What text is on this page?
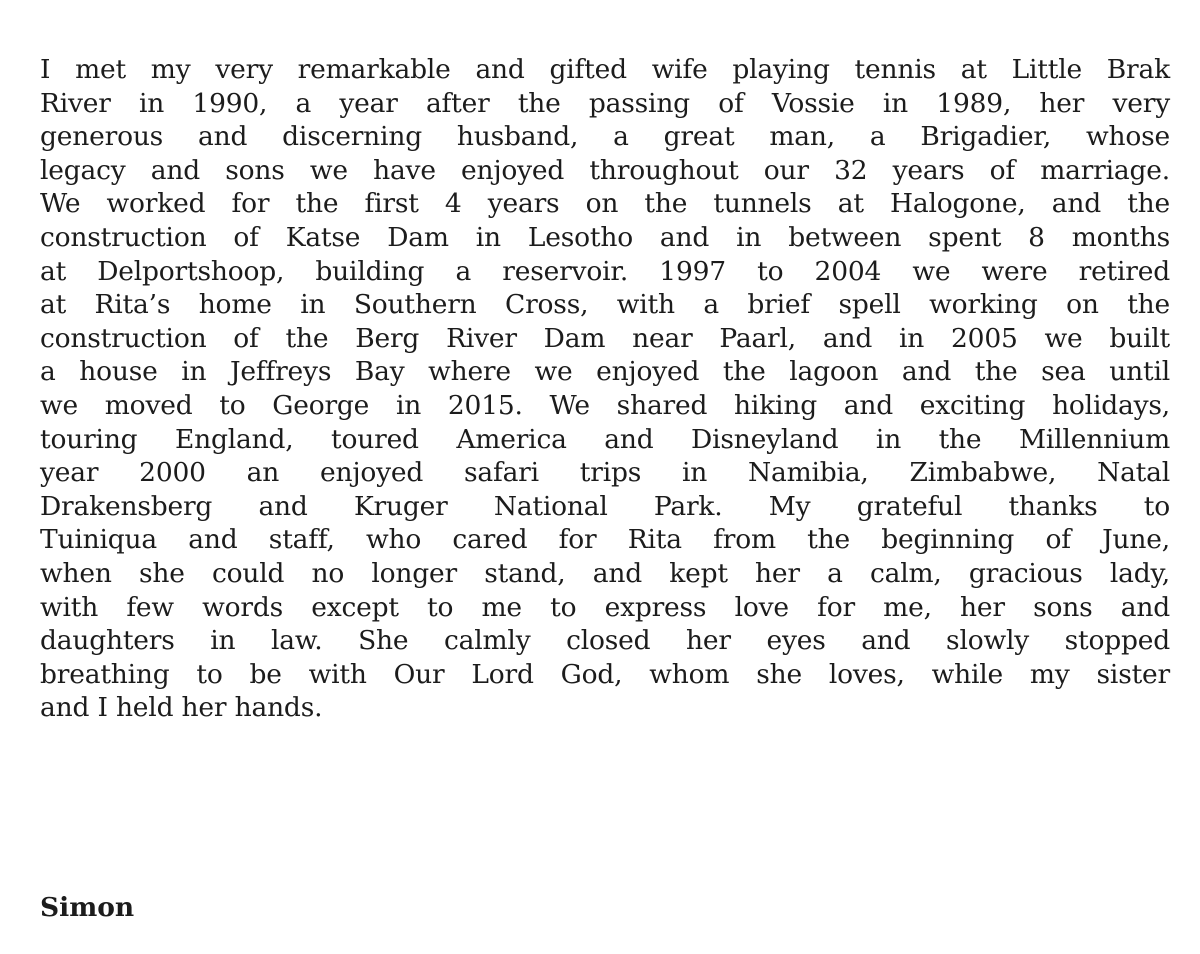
I met my very remarkable and gifted wife playing tennis at Little Brak
River in 1990, a year after the passing of Vossie in 1989, her very
generous and discerning husband, a great man, a Brigadier, whose
legacy and sons we have enjoyed throughout our 32 years of marriage.
We worked for the first 4 years on the tunnels at Halogone, and the
construction of Katse Dam in Lesotho and in between spent 8 months
at Delportshoop, building a reservoir. 1997 to 2004 we were retired
at Rita’s home in Southern Cross, with a brief spell working on the
construction of the Berg River Dam near Paarl, and in 2005 we built
a house in Jeffreys Bay where we enjoyed the lagoon and the sea until
we moved to George in 2015. We shared hiking and exciting holidays,
touring England, toured America and Disneyland in the Millennium
year 2000 an enjoyed safari trips in Namibia, Zimbabwe, Natal
Drakensberg and Kruger National Park. My grateful thanks to
Tuiniqua and staff, who cared for Rita from the beginning of June,
when she could no longer stand, and kept her a calm, gracious lady,
with few words except to me to express love for me, her sons and
daughters in law. She calmly closed her eyes and slowly stopped
breathing to be with Our Lord God, whom she loves, while my sister
and I held her hands.
Simon
